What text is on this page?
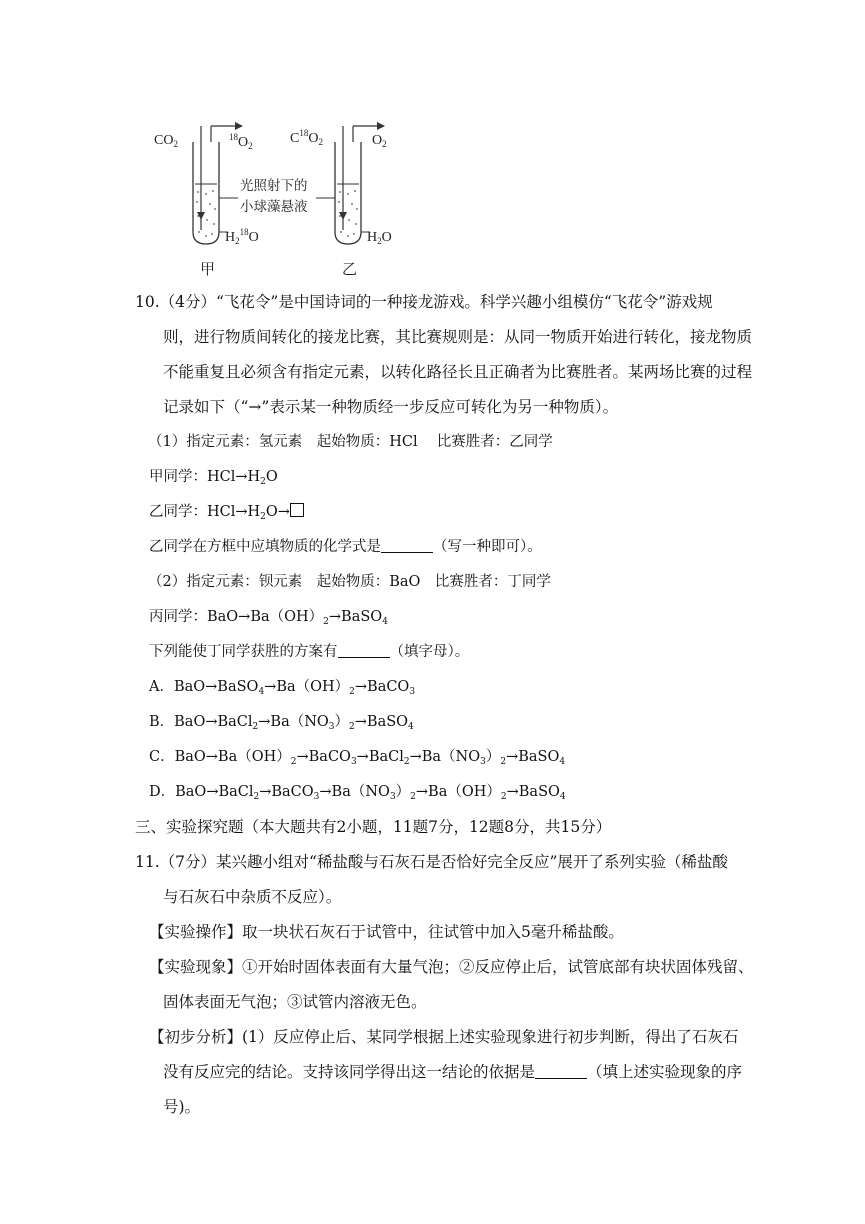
$CO_2$
$^{18}O_2$
$H_2^{18}O$
甲
$C^{18}O_2$	$O_2$
$H_2O$
乙
光照射下的
小球藻悬液
10.（4分）“飞花令”是中国诗词的一种接龙游戏。科学兴趣小组模仿“飞花令”游戏规
则，进行物质间转化的接龙比赛，其比赛规则是：从同一物质开始进行转化，接龙物质
不能重复且必须含有指定元素，以转化路径长且正确者为比赛胜者。某两场比赛的过程
记录如下（“→”表示某一种物质经一步反应可转化为另一种物质）。
（1）指定元素：氢元素　起始物质：HCl　 比赛胜者：乙同学
甲同学：$HCl\to H_2O$
乙同学：$HCl\to H_2O\to$
乙同学在方框中应填物质的化学式是	（写一种即可）。
（2）指定元素：钡元素　起始物质：BaO　比赛胜者：丁同学
丙同学：$BaO\to Ba(OH)_2\to BaSO_4$
下列能使丁同学获胜的方案有	（填字母）。
A．$BaO\to BaSO_4\to Ba(OH)_2\to BaCO_3$
B．$BaO\to BaCl_2\to Ba(NO_3)_2\to BaSO_4$
C．$BaO\to Ba(OH)_2\to BaCO_3\to BaCl_2\to Ba(NO_3)_2\to BaSO_4$
D．$BaO\to BaCl_2\to BaCO_3\to Ba(NO_3)_2\to Ba(OH)_2\to BaSO_4$
三、实验探究题（本大题共有2小题，11题7分，12题8分，共15分）
11.（7分）某兴趣小组对“稀盐酸与石灰石是否恰好完全反应”展开了系列实验（稀盐酸
与石灰石中杂质不反应）。
【实验操作】取一块状石灰石于试管中，往试管中加入5毫升稀盐酸。
【实验现象】①开始时固体表面有大量气泡；②反应停止后，试管底部有块状固体残留、
固体表面无气泡；③试管内溶液无色。
【初步分析】(1）反应停止后、某同学根据上述实验现象进行初步判断，得出了石灰石
没有反应完的结论。支持该同学得出这一结论的依据是	（填上述实验现象的序
号)。
